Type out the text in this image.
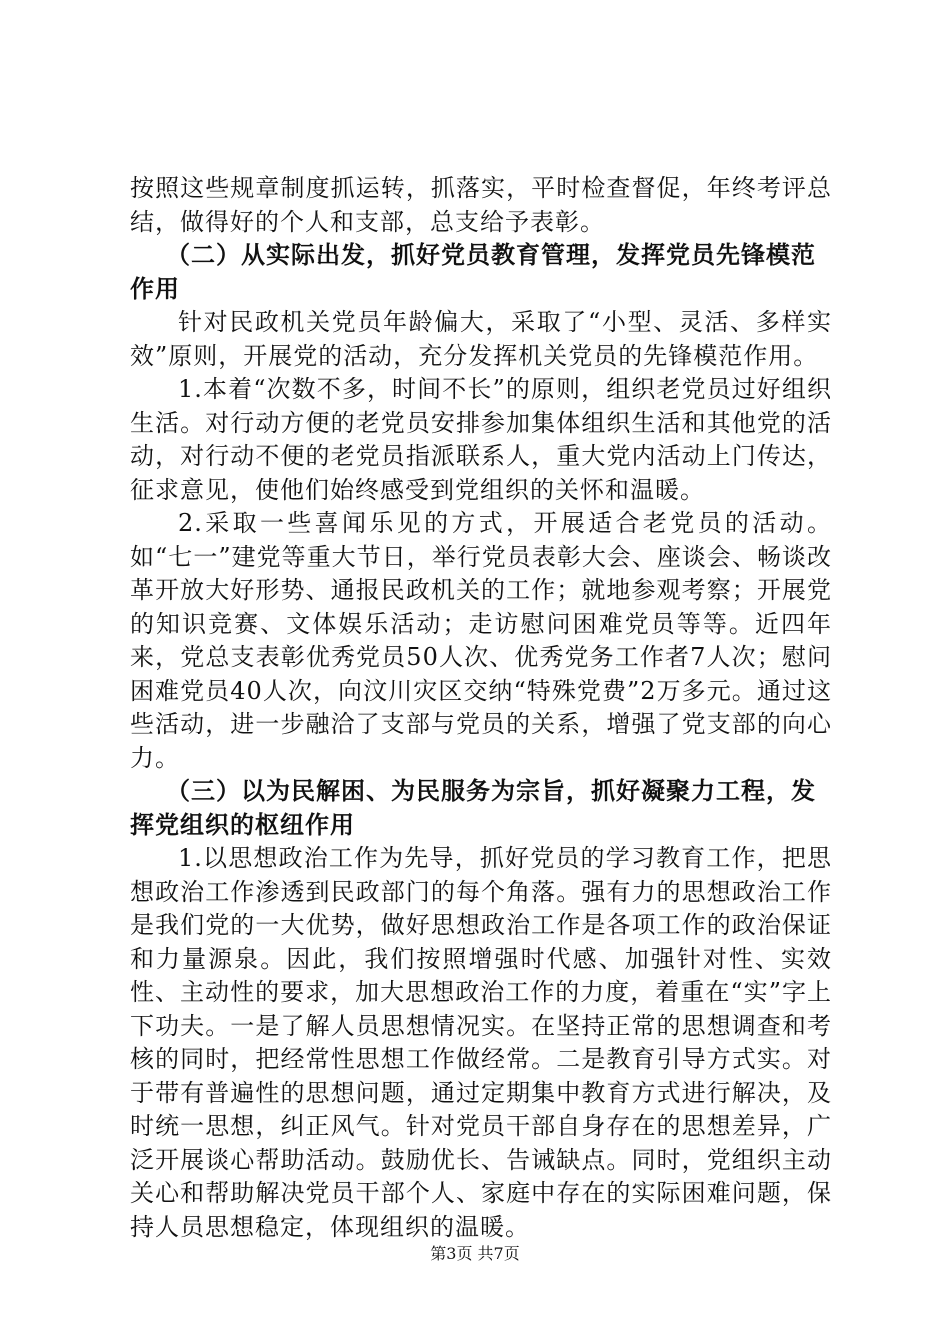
按照这些规章制度抓运转，抓落实，平时检查督促，年终考评总结，做得好的个人和支部，总支给予表彰。

（二）从实际出发，抓好党员教育管理，发挥党员先锋模范作用

针对民政机关党员年龄偏大，采取了“小型、灵活、多样实效”原则，开展党的活动，充分发挥机关党员的先锋模范作用。

1.本着“次数不多，时间不长”的原则，组织老党员过好组织生活。对行动方便的老党员安排参加集体组织生活和其他党的活动，对行动不便的老党员指派联系人，重大党内活动上门传达，征求意见，使他们始终感受到党组织的关怀和温暖。

2.采取一些喜闻乐见的方式，开展适合老党员的活动。如“七一”建党等重大节日，举行党员表彰大会、座谈会、畅谈改革开放大好形势、通报民政机关的工作；就地参观考察；开展党的知识竞赛、文体娱乐活动；走访慰问困难党员等等。近四年来，党总支表彰优秀党员50人次、优秀党务工作者7人次；慰问困难党员40人次，向汶川灾区交纳“特殊党费”2万多元。通过这些活动，进一步融洽了支部与党员的关系，增强了党支部的向心力。

（三）以为民解困、为民服务为宗旨，抓好凝聚力工程，发挥党组织的枢纽作用

1.以思想政治工作为先导，抓好党员的学习教育工作，把思想政治工作渗透到民政部门的每个角落。强有力的思想政治工作是我们党的一大优势，做好思想政治工作是各项工作的政治保证和力量源泉。因此，我们按照增强时代感、加强针对性、实效性、主动性的要求，加大思想政治工作的力度，着重在“实”字上下功夫。一是了解人员思想情况实。在坚持正常的思想调查和考核的同时，把经常性思想工作做经常。二是教育引导方式实。对于带有普遍性的思想问题，通过定期集中教育方式进行解决，及时统一思想，纠正风气。针对党员干部自身存在的思想差异，广泛开展谈心帮助活动。鼓励优长、告诫缺点。同时，党组织主动关心和帮助解决党员干部个人、家庭中存在的实际困难问题，保持人员思想稳定，体现组织的温暖。

第3页 共7页
